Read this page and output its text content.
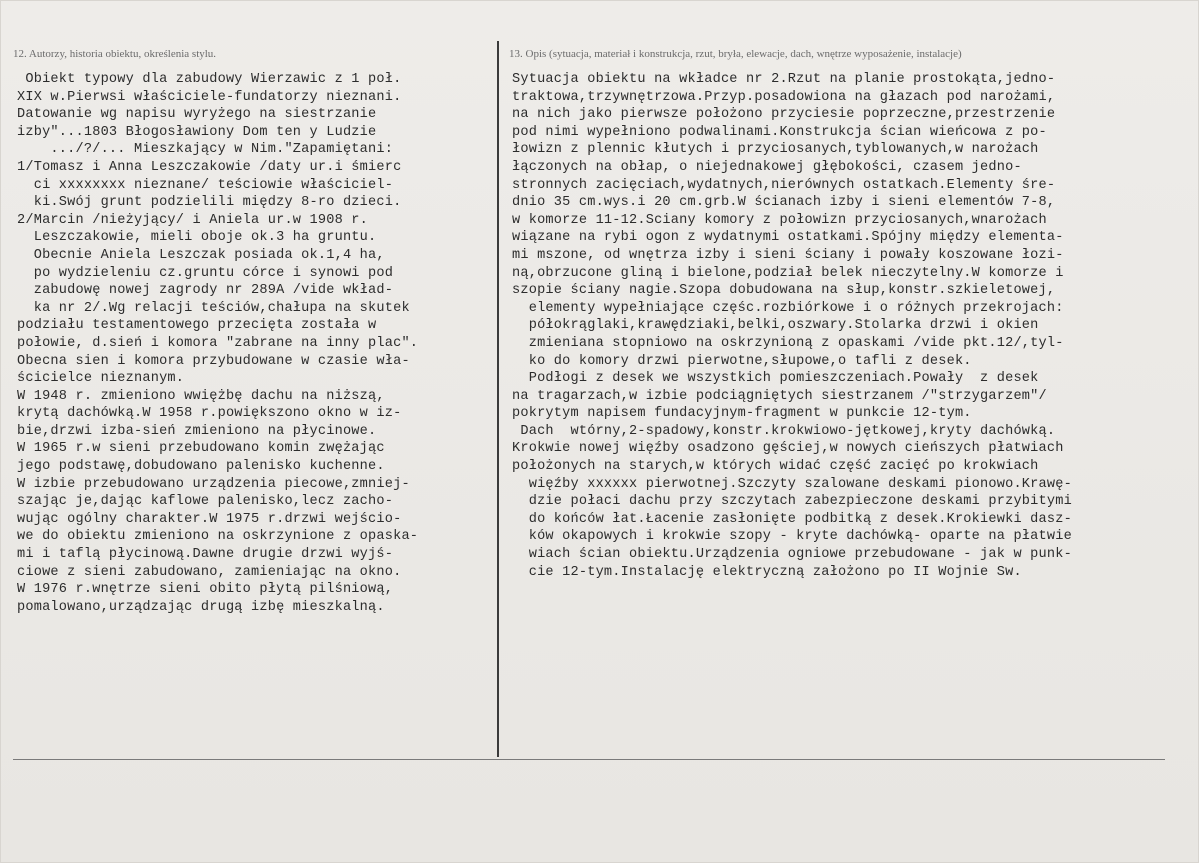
12. Autorzy, historia obiektu, określenia stylu.	13. Opis (sytuacja, materiał i konstrukcja, rzut, bryła, elewacje, dach, wnętrze wyposażenie, instalacje)
Obiekt typowy dla zabudowy Wierzawic z 1 poł.
XIX w.Pierwsi właściciele-fundatorzy nieznani.
Datowanie wg napisu wyryżego na siestrzanie
izby"...1803 Błogosławiony Dom ten y Ludzie
.../?/... Mieszkający w Nim."Zapamiętani:
1/Tomasz i Anna Leszczakowie /daty ur.i śmierc
ci xxxxxxxx nieznane/ teściowie właściciel-
ki.Swój grunt podzielili między 8-ro dzieci.
2/Marcin /nieżyjący/ i Aniela ur.w 1908 r.
Leszczakowie, mieli oboje ok.3 ha gruntu.
Obecnie Aniela Leszczak posiada ok.1,4 ha,
po wydzieleniu cz.gruntu córce i synowi pod
zabudowę nowej zagrody nr 289A /vide wkład-
ka nr 2/.Wg relacji teściów,chałupa na skutek
podziału testamentowego przecięta została w
połowie, d.sień i komora "zabrane na inny plac".
Obecna sien i komora przybudowane w czasie wła-
ścicielce nieznanym.
W 1948 r. zmieniono wwiężbę dachu na niższą,
krytą dachówką.W 1958 r.powiększono okno w iz-
bie,drzwi izba-sień zmieniono na płycinowe.
W 1965 r.w sieni przebudowano komin zwężając
jego podstawę,dobudowano palenisko kuchenne.
W izbie przebudowano urządzenia piecowe,zmniej-
szając je,dając kaflowe palenisko,lecz zacho-
wując ogólny charakter.W 1975 r.drzwi wejścio-
we do obiektu zmieniono na oskrzynione z opaska-
mi i taflą płycinową.Dawne drugie drzwi wyjś-
ciowe z sieni zabudowano, zamieniając na okno.
W 1976 r.wnętrze sieni obito płytą pilśniową,
pomalowano,urządzając drugą izbę mieszkalną.
Sytuacja obiektu na wkładce nr 2.Rzut na planie prostokąta,jedno-
traktowa,trzywnętrzowa.Przyp.posadowiona na głazach pod narożami,
na nich jako pierwsze położono przyciesie poprzeczne,przestrzenie
pod nimi wypełniono podwalinami.Konstrukcja ścian wieńcowa z po-
łowizn z plennic kłutych i przyciosanych,tyblowanych,w narożach
łączonych na obłap, o niejednakowej głębokości, czasem jedno-
stronnych zacięciach,wydatnych,nierównych ostatkach.Elementy śre-
dnio 35 cm.wys.i 20 cm.grb.W ścianach izby i sieni elementów 7-8,
w komorze 11-12.Sciany komory z połowizn przyciosanych,wnarożach
wiązane na rybi ogon z wydatnymi ostatkami.Spójny między elementa-
mi mszone, od wnętrza izby i sieni ściany i powały koszowane łozi-
ną,obrzucone gliną i bielone,podział belek nieczytelny.W komorze i
szopie ściany nagie.Szopa dobudowana na słup,konstr.szkieletowej,
elementy wypełniające częśc.rozbiórkowe i o różnych przekrojach:
półokrąglaki,krawędziaki,belki,oszwary.Stolarka drzwi i okien
zmieniana stopniowo na oskrzynioną z opaskami /vide pkt.12/,tyl-
ko do komory drzwi pierwotne,słupowe,o tafli z desek.
Podłogi z desek we wszystkich pomieszczeniach.Powały  z desek
na tragarzach,w izbie podciągniętych siestrzanem /"strzygarzem"/
pokrytym napisem fundacyjnym-fragment w punkcie 12-tym.
Dach  wtórny,2-spadowy,konstr.krokwiowo-jętkowej,kryty dachówką.
Krokwie nowej więźby osadzono gęściej,w nowych cieńszych płatwiach
położonych na starych,w których widać część zacięć po krokwiach
więźby xxxxxx pierwotnej.Szczyty szalowane deskami pionowo.Krawę-
dzie połaci dachu przy szczytach zabezpieczone deskami przybitymi
do końców łat.Łacenie zasłonięte podbitką z desek.Krokiewki dasz-
ków okapowych i krokwie szopy - kryte dachówką- oparte na płatwie
wiach ścian obiektu.Urządzenia ogniowe przebudowane - jak w punk-
cie 12-tym.Instalację elektryczną założono po II Wojnie Sw.
